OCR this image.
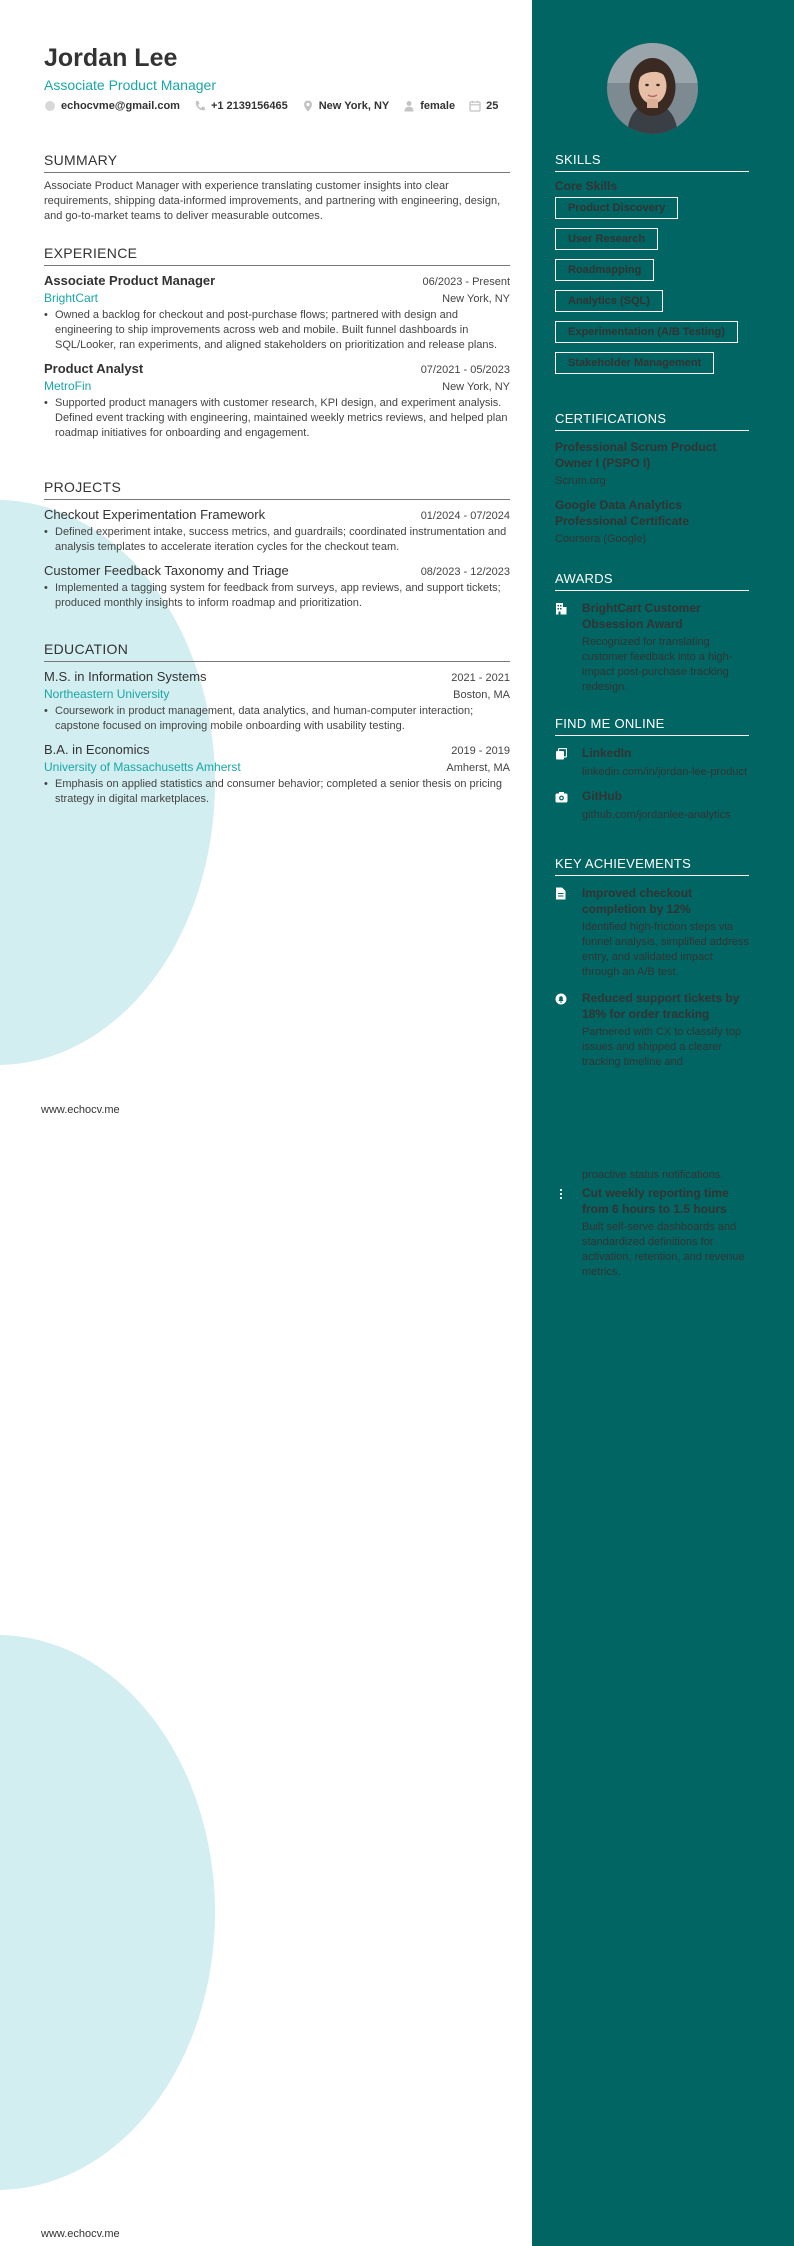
Jordan Lee
Associate Product Manager
echocvme@gmail.com	+1 2139156465	New York, NY	female	25
SUMMARY
Associate Product Manager with experience translating customer insights into clear requirements, shipping data-informed improvements, and partnering with engineering, design, and go-to-market teams to deliver measurable outcomes.
EXPERIENCE
Associate Product Manager	06/2023 - Present
BrightCart	New York, NY
• Owned a backlog for checkout and post-purchase flows; partnered with design and engineering to ship improvements across web and mobile. Built funnel dashboards in SQL/Looker, ran experiments, and aligned stakeholders on prioritization and release plans.
Product Analyst	07/2021 - 05/2023
MetroFin	New York, NY
• Supported product managers with customer research, KPI design, and experiment analysis. Defined event tracking with engineering, maintained weekly metrics reviews, and helped plan roadmap initiatives for onboarding and engagement.
PROJECTS
Checkout Experimentation Framework	01/2024 - 07/2024
• Defined experiment intake, success metrics, and guardrails; coordinated instrumentation and analysis templates to accelerate iteration cycles for the checkout team.
Customer Feedback Taxonomy and Triage	08/2023 - 12/2023
• Implemented a tagging system for feedback from surveys, app reviews, and support tickets; produced monthly insights to inform roadmap and prioritization.
EDUCATION
M.S. in Information Systems	2021 - 2021
Northeastern University	Boston, MA
• Coursework in product management, data analytics, and human-computer interaction; capstone focused on improving mobile onboarding with usability testing.
B.A. in Economics	2019 - 2019
University of Massachusetts Amherst	Amherst, MA
• Emphasis on applied statistics and consumer behavior; completed a senior thesis on pricing strategy in digital marketplaces.
www.echocv.me
www.echocv.me
SKILLS
Core Skills
Product Discovery
User Research
Roadmapping
Analytics (SQL)
Experimentation (A/B Testing)
Stakeholder Management
CERTIFICATIONS
Professional Scrum Product Owner I (PSPO I)
Scrum.org
Google Data Analytics Professional Certificate
Coursera (Google)
AWARDS
BrightCart Customer Obsession Award
Recognized for translating customer feedback into a high-impact post-purchase tracking redesign.
FIND ME ONLINE
LinkedIn
linkedin.com/in/jordan-lee-product
GitHub
github.com/jordanlee-analytics
KEY ACHIEVEMENTS
Improved checkout completion by 12%
Identified high-friction steps via funnel analysis, simplified address entry, and validated impact through an A/B test.
Reduced support tickets by 18% for order tracking
Partnered with CX to classify top issues and shipped a clearer tracking timeline and
proactive status notifications.
Cut weekly reporting time from 6 hours to 1.5 hours
Built self-serve dashboards and standardized definitions for activation, retention, and revenue metrics.
